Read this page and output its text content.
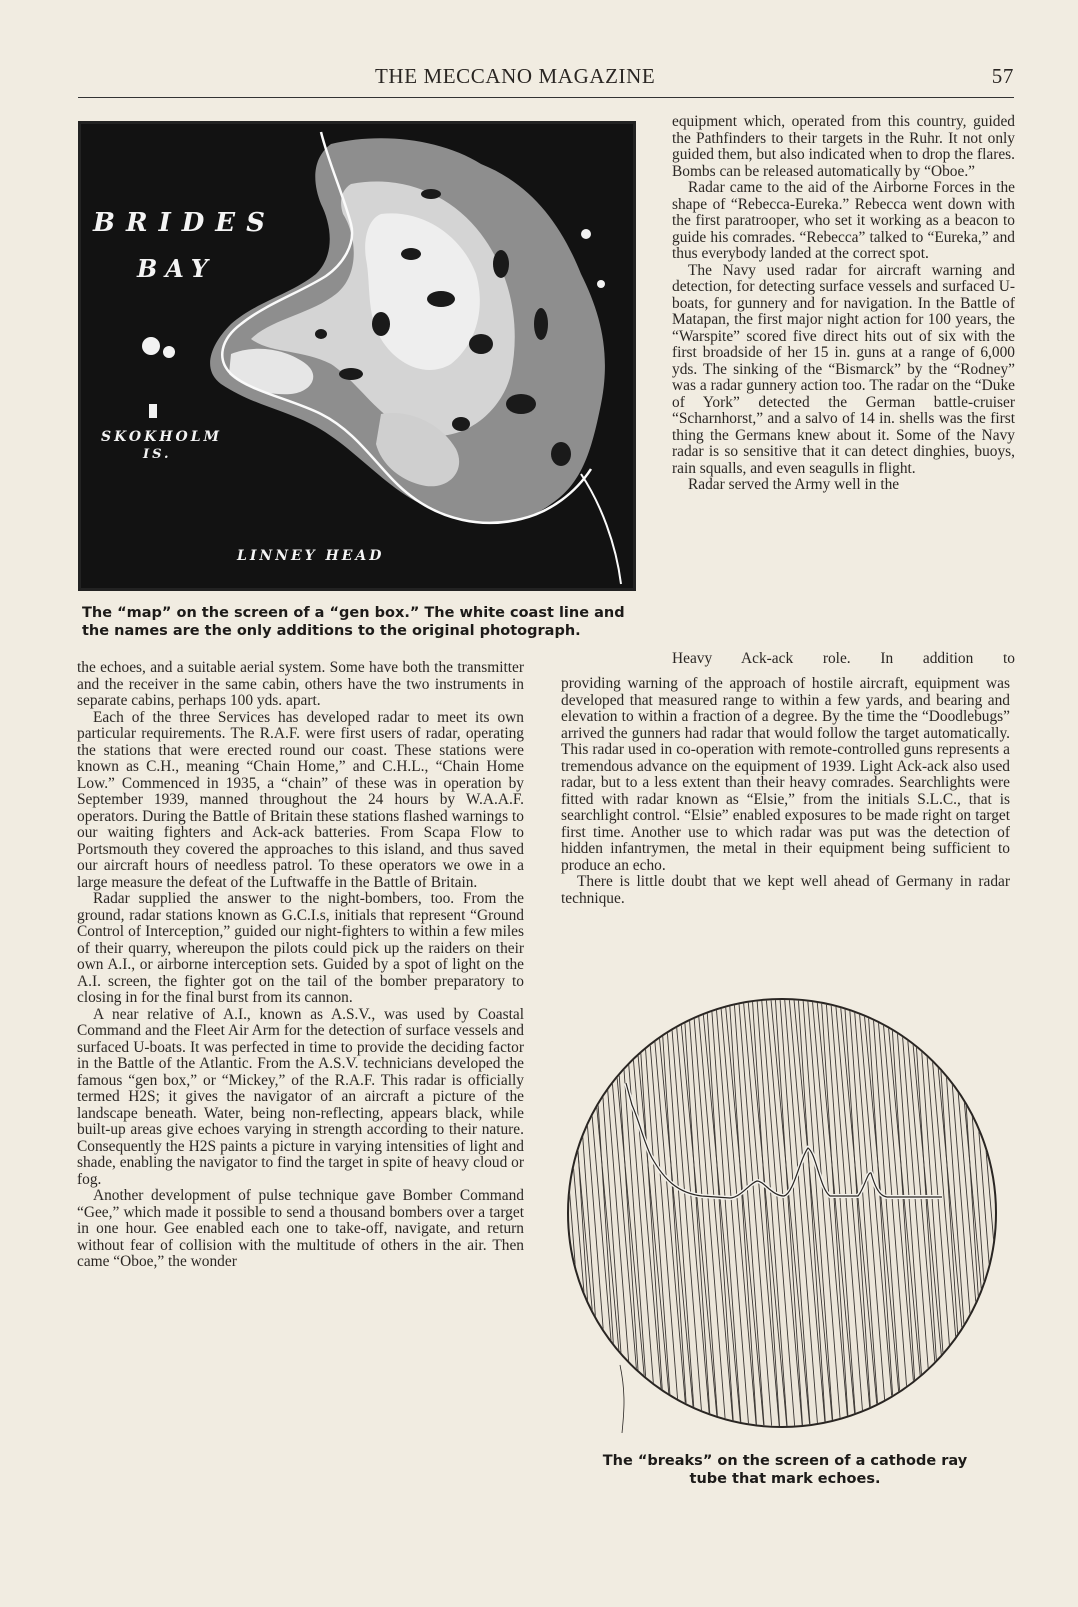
THE MECCANO MAGAZINE	57
BRIDES
BAY
SKOKHOLM
IS.
LINNEY HEAD
The “map” on the screen of a “gen box.” The white coast line and the names are the only additions to the original photograph.

equipment which, operated from this country, guided the Pathfinders to their targets in the Ruhr. It not only guided them, but also indicated when to drop the flares. Bombs can be released automatically by “Oboe.”

Radar came to the aid of the Airborne Forces in the shape of “Rebecca-Eureka.” Rebecca went down with the first paratrooper, who set it working as a beacon to guide his comrades. “Rebecca” talked to “Eureka,” and thus everybody landed at the correct spot.

The Navy used radar for aircraft warning and detection, for detecting surface vessels and surfaced U-boats, for gunnery and for navigation. In the Battle of Matapan, the first major night action for 100 years, the “Warspite” scored five direct hits out of six with the first broadside of her 15 in. guns at a range of 6,000 yds. The sinking of the “Bismarck” by the “Rodney” was a radar gunnery action too. The radar on the “Duke of York” detected the German battle-cruiser “Scharnhorst,” and a salvo of 14 in. shells was the first thing the Germans knew about it. Some of the Navy radar is so sensitive that it can detect dinghies, buoys, rain squalls, and even seagulls in flight.

Radar served the Army well in the

Heavy Ack-ack role. In addition to

providing warning of the approach of hostile aircraft, equipment was developed that measured range to within a few yards, and bearing and elevation to within a fraction of a degree. By the time the “Doodlebugs” arrived the gunners had radar that would follow the target automatically. This radar used in co-operation with remote-controlled guns represents a tremendous advance on the equipment of 1939. Light Ack-ack also used radar, but to a less extent than their heavy comrades. Searchlights were fitted with radar known as “Elsie,” from the initials S.L.C., that is searchlight control. “Elsie” enabled exposures to be made right on target first time. Another use to which radar was put was the detection of hidden infantrymen, the metal in their equipment being sufficient to produce an echo.

There is little doubt that we kept well ahead of Germany in radar technique.

the echoes, and a suitable aerial system. Some have both the transmitter and the receiver in the same cabin, others have the two instruments in separate cabins, perhaps 100 yds. apart.

Each of the three Services has developed radar to meet its own particular requirements. The R.A.F. were first users of radar, operating the stations that were erected round our coast. These stations were known as C.H., meaning “Chain Home,” and C.H.L., “Chain Home Low.” Commenced in 1935, a “chain” of these was in operation by September 1939, manned throughout the 24 hours by W.A.A.F. operators. During the Battle of Britain these stations flashed warnings to our waiting fighters and Ack-ack batteries. From Scapa Flow to Portsmouth they covered the approaches to this island, and thus saved our aircraft hours of needless patrol. To these operators we owe in a large measure the defeat of the Luftwaffe in the Battle of Britain.

Radar supplied the answer to the night-bombers, too. From the ground, radar stations known as G.C.I.s, initials that represent “Ground Control of Interception,” guided our night-fighters to within a few miles of their quarry, whereupon the pilots could pick up the raiders on their own A.I., or airborne interception sets. Guided by a spot of light on the A.I. screen, the fighter got on the tail of the bomber preparatory to closing in for the final burst from its cannon.

A near relative of A.I., known as A.S.V., was used by Coastal Command and the Fleet Air Arm for the detection of surface vessels and surfaced U-boats. It was perfected in time to provide the deciding factor in the Battle of the Atlantic. From the A.S.V. technicians developed the famous “gen box,” or “Mickey,” of the R.A.F. This radar is officially termed H2S; it gives the navigator of an aircraft a picture of the landscape beneath. Water, being non-reflecting, appears black, while built-up areas give echoes varying in strength according to their nature. Consequently the H2S paints a picture in varying intensities of light and shade, enabling the navigator to find the target in spite of heavy cloud or fog.

Another development of pulse technique gave Bomber Command “Gee,” which made it possible to send a thousand bombers over a target in one hour. Gee enabled each one to take-off, navigate, and return without fear of collision with the multitude of others in the air. Then came “Oboe,” the wonder

The “breaks” on the screen of a cathode ray tube that mark echoes.
